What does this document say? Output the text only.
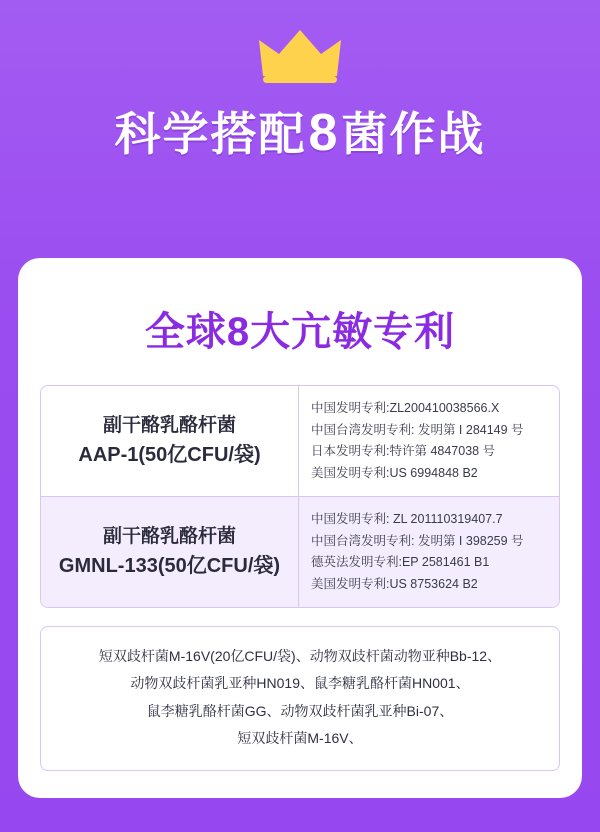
科学搭配8菌作战
全球8大亢敏专利
副干酪乳酪杆菌
AAP-1(50亿CFU/袋)
中国发明专利:ZL200410038566.X
中国台湾发明专利: 发明第 I 284149 号
日本发明专利:特许第 4847038 号
美国发明专利:US 6994848 B2
副干酪乳酪杆菌
GMNL-133(50亿CFU/袋)
中国发明专利: ZL 201110319407.7
中国台湾发明专利: 发明第 I 398259 号
德英法发明专利:EP 2581461 B1
美国发明专利:US 8753624 B2
短双歧杆菌M-16V(20亿CFU/袋)、动物双歧杆菌动物亚种Bb-12、
动物双歧杆菌乳亚种HN019、鼠李糖乳酪杆菌HN001、
鼠李糖乳酪杆菌GG、动物双歧杆菌乳亚种Bi-07、
短双歧杆菌M-16V、
